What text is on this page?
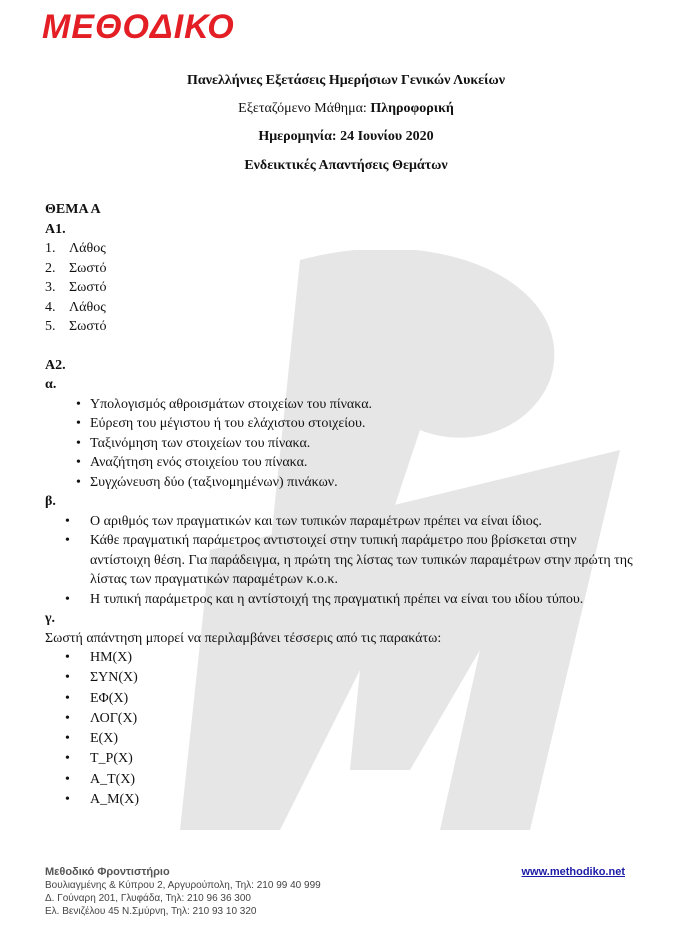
ΜΕΘΟΔΙΚΟ
Πανελλήνιες Εξετάσεις Ημερήσιων Γενικών Λυκείων
Εξεταζόμενο Μάθημα: Πληροφορική
Ημερομηνία: 24 Ιουνίου 2020
Ενδεικτικές Απαντήσεις Θεμάτων
ΘΕΜΑ Α
Α1.
1. Λάθος
2. Σωστό
3. Σωστό
4. Λάθος
5. Σωστό
Α2.
α.
• Υπολογισμός αθροισμάτων στοιχείων του πίνακα.
• Εύρεση του μέγιστου ή του ελάχιστου στοιχείου.
• Ταξινόμηση των στοιχείων του πίνακα.
• Αναζήτηση ενός στοιχείου του πίνακα.
• Συγχώνευση δύο (ταξινομημένων) πινάκων.
β.
• Ο αριθμός των πραγματικών και των τυπικών παραμέτρων πρέπει να είναι ίδιος.
• Κάθε πραγματική παράμετρος αντιστοιχεί στην τυπική παράμετρο που βρίσκεται στην αντίστοιχη θέση. Για παράδειγμα, η πρώτη της λίστας των τυπικών παραμέτρων στην πρώτη της λίστας των πραγματικών παραμέτρων κ.ο.κ.
• Η τυπική παράμετρος και η αντίστοιχή της πραγματική πρέπει να είναι του ιδίου τύπου.
γ.
Σωστή απάντηση μπορεί να περιλαμβάνει τέσσερις από τις παρακάτω:
• ΗΜ(Χ)
• ΣΥΝ(Χ)
• ΕΦ(Χ)
• ΛΟΓ(Χ)
• Ε(Χ)
• Τ_Ρ(Χ)
• Α_Τ(Χ)
• Α_Μ(Χ)
Μεθοδικό Φροντιστήριο
Βουλιαγμένης & Κύπρου 2, Αργυρούπολη, Τηλ: 210 99 40 999
Δ. Γούναρη 201, Γλυφάδα, Τηλ: 210 96 36 300
Ελ. Βενιζέλου 45 Ν.Σμύρνη, Τηλ: 210 93 10 320
www.methodiko.net
